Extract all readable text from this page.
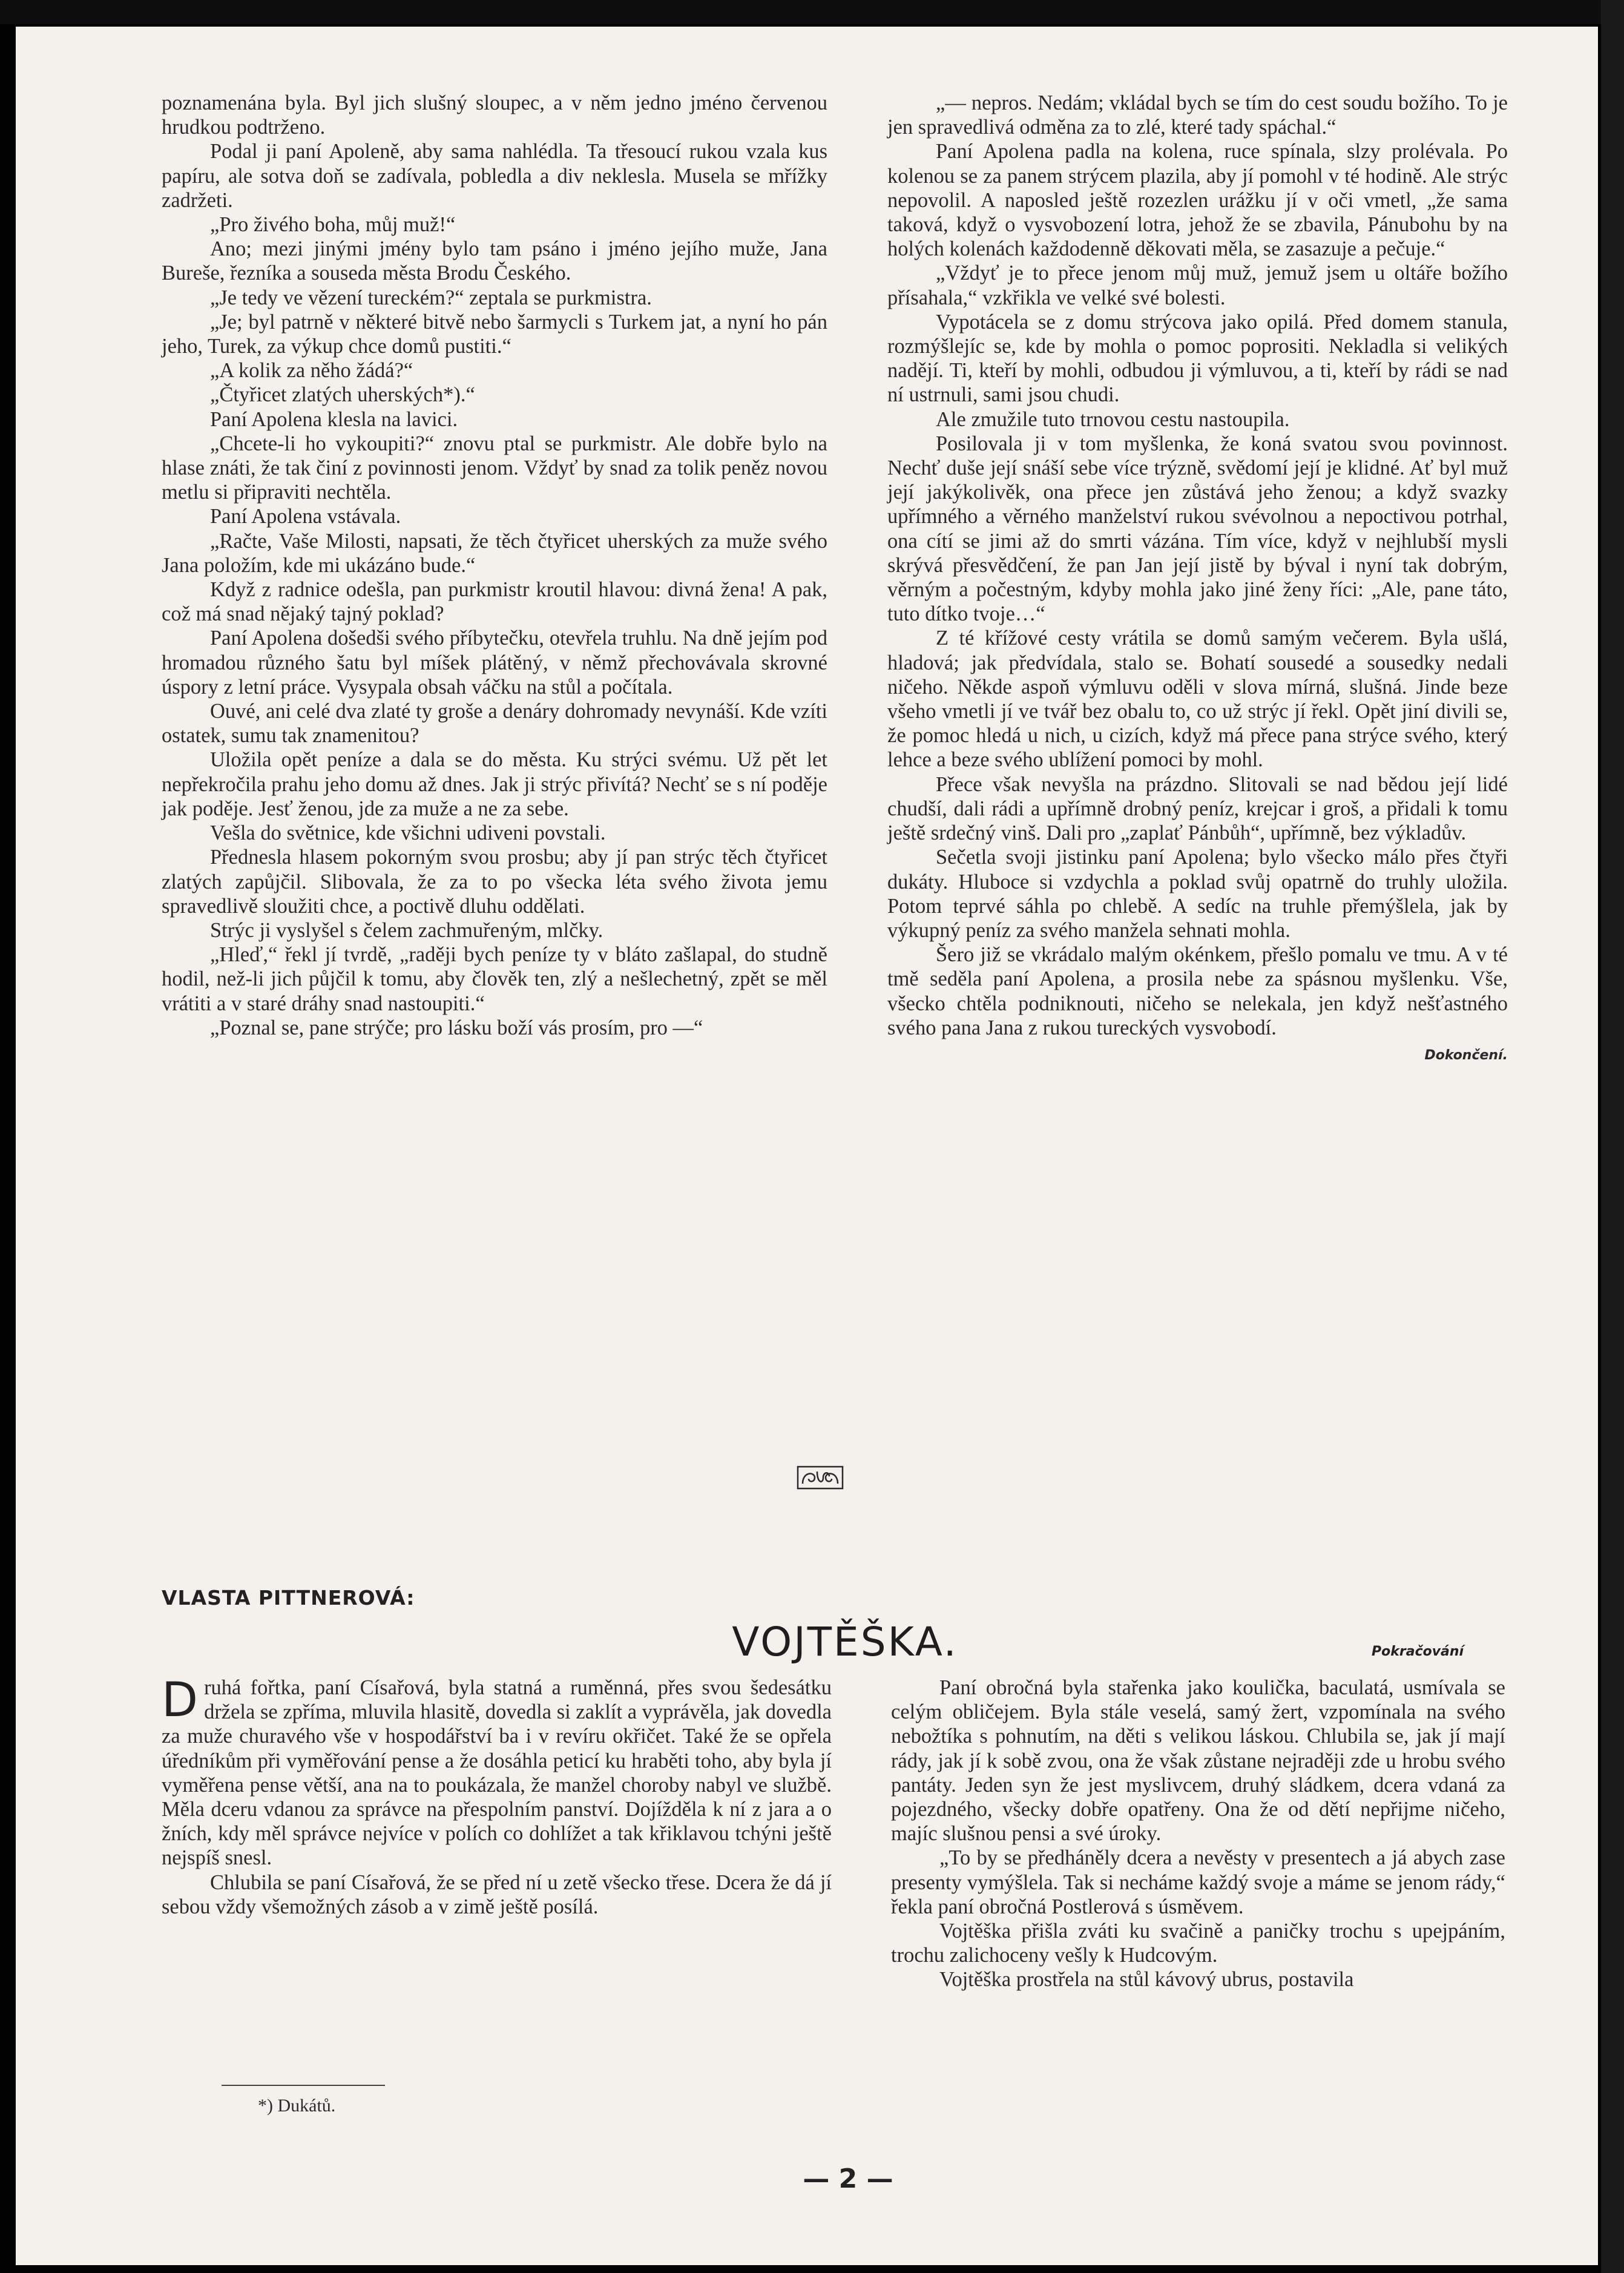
poznamenána byla. Byl jich slušný sloupec, a v něm jedno jméno červenou hrudkou podtrženo.

Podal ji paní Apoleně, aby sama nahlédla. Ta třesoucí rukou vzala kus papíru, ale sotva doň se zadívala, pobledla a div neklesla. Musela se mřížky zadržeti.

„Pro živého boha, můj muž!“

Ano; mezi jinými jmény bylo tam psáno i jméno jejího muže, Jana Bureše, řezníka a souseda města Brodu Českého.

„Je tedy ve vězení tureckém?“ zeptala se purkmistra.

„Je; byl patrně v některé bitvě nebo šarmycli s Turkem jat, a nyní ho pán jeho, Turek, za výkup chce domů pustiti.“

„A kolik za něho žádá?“

„Čtyřicet zlatých uherských*).“

Paní Apolena klesla na lavici.

„Chcete-li ho vykoupiti?“ znovu ptal se purkmistr. Ale dobře bylo na hlase znáti, že tak činí z povinnosti jenom. Vždyť by snad za tolik peněz novou metlu si připraviti nechtěla.

Paní Apolena vstávala.

„Račte, Vaše Milosti, napsati, že těch čtyřicet uherských za muže svého Jana položím, kde mi ukázáno bude.“

Když z radnice odešla, pan purkmistr kroutil hlavou: divná žena! A pak, což má snad nějaký tajný poklad?

Paní Apolena došedši svého příbytečku, otevřela truhlu. Na dně jejím pod hromadou různého šatu byl míšek plátěný, v němž přechovávala skrovné úspory z letní práce. Vysypala obsah váčku na stůl a počítala.

Ouvé, ani celé dva zlaté ty groše a denáry dohromady nevynáší. Kde vzíti ostatek, sumu tak znamenitou?

Uložila opět peníze a dala se do města. Ku strýci svému. Už pět let nepřekročila prahu jeho domu až dnes. Jak ji strýc přivítá? Nechť se s ní poděje jak poděje. Jesť ženou, jde za muže a ne za sebe.

Vešla do světnice, kde všichni udiveni povstali.

Přednesla hlasem pokorným svou prosbu; aby jí pan strýc těch čtyřicet zlatých zapůjčil. Slibovala, že za to po všecka léta svého života jemu spravedlivě sloužiti chce, a poctivě dluhu oddělati.

Strýc ji vyslyšel s čelem zachmuřeným, mlčky.

„Hleď,“ řekl jí tvrdě, „raději bych peníze ty v bláto zašlapal, do studně hodil, než-li jich půjčil k tomu, aby člověk ten, zlý a nešlechetný, zpět se měl vrátiti a v staré dráhy snad nastoupiti.“

„Poznal se, pane strýče; pro lásku boží vás prosím, pro —“

„— nepros. Nedám; vkládal bych se tím do cest soudu božího. To je jen spravedlivá odměna za to zlé, které tady spáchal.“

Paní Apolena padla na kolena, ruce spínala, slzy prolévala. Po kolenou se za panem strýcem plazila, aby jí pomohl v té hodině. Ale strýc nepovolil. A naposled ještě rozezlen urážku jí v oči vmetl, „že sama taková, když o vysvobození lotra, jehož že se zbavila, Pánubohu by na holých kolenách každodenně děkovati měla, se zasazuje a pečuje.“

„Vždyť je to přece jenom můj muž, jemuž jsem u oltáře božího přísahala,“ vzkřikla ve velké své bolesti.

Vypotácela se z domu strýcova jako opilá. Před domem stanula, rozmýšlejíc se, kde by mohla o pomoc poprositi. Nekladla si velikých nadějí. Ti, kteří by mohli, odbudou ji výmluvou, a ti, kteří by rádi se nad ní ustrnuli, sami jsou chudi.

Ale zmužile tuto trnovou cestu nastoupila.

Posilovala ji v tom myšlenka, že koná svatou svou povinnost. Nechť duše její snáší sebe více trýzně, svědomí její je klidné. Ať byl muž její jakýkolivěk, ona přece jen zůstává jeho ženou; a když svazky upřímného a věrného manželství rukou svévolnou a nepoctivou potrhal, ona cítí se jimi až do smrti vázána. Tím více, když v nejhlubší mysli skrývá přesvědčení, že pan Jan její jistě by býval i nyní tak dobrým, věrným a počestným, kdyby mohla jako jiné ženy říci: „Ale, pane táto, tuto dítko tvoje…“

Z té křížové cesty vrátila se domů samým večerem. Byla ušlá, hladová; jak předvídala, stalo se. Bohatí sousedé a sousedky nedali ničeho. Někde aspoň výmluvu oděli v slova mírná, slušná. Jinde beze všeho vmetli jí ve tvář bez obalu to, co už strýc jí řekl. Opět jiní divili se, že pomoc hledá u nich, u cizích, když má přece pana strýce svého, který lehce a beze svého ublížení pomoci by mohl.

Přece však nevyšla na prázdno. Slitovali se nad bědou její lidé chudší, dali rádi a upřímně drobný peníz, krejcar i groš, a přidali k tomu ještě srdečný vinš. Dali pro „zaplať Pánbůh“, upřímně, bez výkladův.

Sečetla svoji jistinku paní Apolena; bylo všecko málo přes čtyři dukáty. Hluboce si vzdychla a poklad svůj opatrně do truhly uložila. Potom teprvé sáhla po chlebě. A sedíc na truhle přemýšlela, jak by výkupný peníz za svého manžela sehnati mohla.

Šero již se vkrádalo malým okénkem, přešlo pomalu ve tmu. A v té tmě seděla paní Apolena, a prosila nebe za spásnou myšlenku. Vše, všecko chtěla podniknouti, ničeho se nelekala, jen když nešťastného svého pana Jana z rukou tureckých vysvobodí.

Dokončení.

VLASTA PITTNEROVÁ:
VOJTĚŠKA.	Pokračování

Druhá fořtka, paní Císařová, byla statná a ruměnná, přes svou šedesátku držela se zpříma, mluvila hlasitě, dovedla si zaklít a vyprávěla, jak dovedla za muže churavého vše v hospodářství ba i v revíru okřičet. Také že se opřela úředníkům při vyměřování pense a že dosáhla peticí ku hraběti toho, aby byla jí vyměřena pense větší, ana na to poukázala, že manžel choroby nabyl ve službě. Měla dceru vdanou za správce na přespolním panství. Dojížděla k ní z jara a o žních, kdy měl správce nejvíce v polích co dohlížet a tak křiklavou tchýni ještě nejspíš snesl.

Chlubila se paní Císařová, že se před ní u zetě všecko třese. Dcera že dá jí sebou vždy všemožných zásob a v zimě ještě posílá.

Paní obročná byla stařenka jako koulička, baculatá, usmívala se celým obličejem. Byla stále veselá, samý žert, vzpomínala na svého nebožtíka s pohnutím, na děti s velikou láskou. Chlubila se, jak jí mají rády, jak jí k sobě zvou, ona že však zůstane nejraději zde u hrobu svého pantáty. Jeden syn že jest myslivcem, druhý sládkem, dcera vdaná za pojezdného, všecky dobře opatřeny. Ona že od dětí nepřijme ničeho, majíc slušnou pensi a své úroky.

„To by se předháněly dcera a nevěsty v presentech a já abych zase presenty vymýšlela. Tak si necháme každý svoje a máme se jenom rády,“ řekla paní obročná Postlerová s úsměvem.

Vojtěška přišla zváti ku svačině a paničky trochu s upejpáním, trochu zalichoceny vešly k Hudcovým.

Vojtěška prostřela na stůl kávový ubrus, postavila

*) Dukátů.
— 2 —
